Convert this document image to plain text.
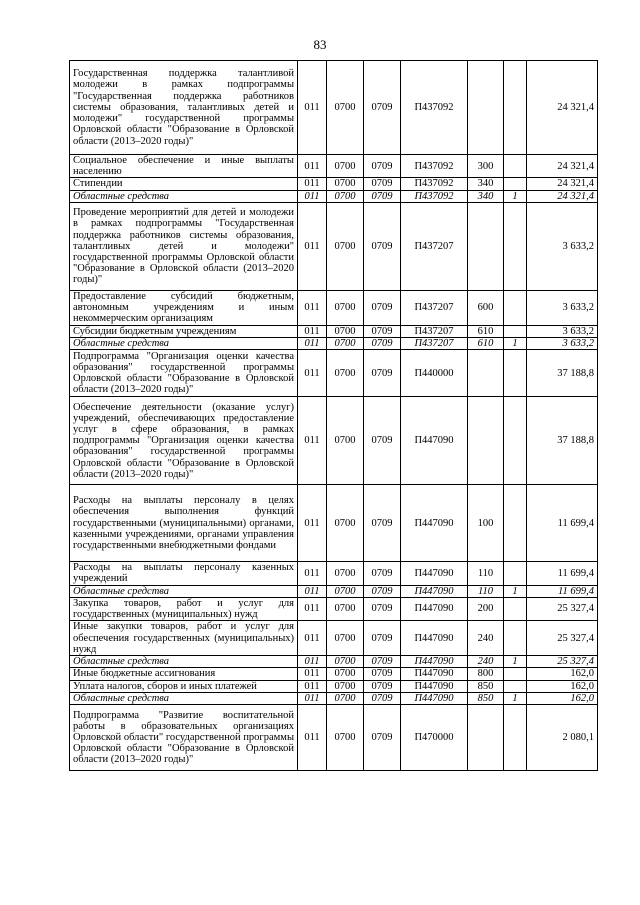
83
Государственная поддержка талантливой молодежи в рамках подпрограммы "Государственная поддержка работников системы образования, талантливых детей и молодежи" государственной программы Орловской области "Образование в Орловской области (2013–2020 годы)"	011	0700	0709	П437092			24 321,4
Социальное обеспечение и иные выплаты населению	011	0700	0709	П437092	300		24 321,4
Стипендии	011	0700	0709	П437092	340		24 321,4
Областные средства	011	0700	0709	П437092	340	1	24 321,4
Проведение мероприятий для детей и молодежи в рамках подпрограммы "Государственная поддержка работников системы образования, талантливых детей и молодежи" государственной программы Орловской области "Образование в Орловской области (2013–2020 годы)"	011	0700	0709	П437207			3 633,2
Предоставление субсидий бюджетным, автономным учреждениям и иным некоммерческим организациям	011	0700	0709	П437207	600		3 633,2
Субсидии бюджетным учреждениям	011	0700	0709	П437207	610		3 633,2
Областные средства	011	0700	0709	П437207	610	1	3 633,2
Подпрограмма "Организация оценки качества образования" государственной программы Орловской области "Образование в Орловской области (2013–2020 годы)"	011	0700	0709	П440000			37 188,8
Обеспечение деятельности (оказание услуг) учреждений, обеспечивающих предоставление услуг в сфере образования, в рамках подпрограммы "Организация оценки качества образования" государственной программы Орловской области "Образование в Орловской области (2013–2020 годы)"	011	0700	0709	П447090			37 188,8
Расходы на выплаты персоналу в целях обеспечения выполнения функций государственными (муниципальными) органами, казенными учреждениями, органами управления государственными внебюджетными фондами	011	0700	0709	П447090	100		11 699,4
Расходы на выплаты персоналу казенных учреждений	011	0700	0709	П447090	110		11 699,4
Областные средства	011	0700	0709	П447090	110	1	11 699,4
Закупка товаров, работ и услуг для государственных (муниципальных) нужд	011	0700	0709	П447090	200		25 327,4
Иные закупки товаров, работ и услуг для обеспечения государственных (муниципальных) нужд	011	0700	0709	П447090	240		25 327,4
Областные средства	011	0700	0709	П447090	240	1	25 327,4
Иные бюджетные ассигнования	011	0700	0709	П447090	800		162,0
Уплата налогов, сборов и иных платежей	011	0700	0709	П447090	850		162,0
Областные средства	011	0700	0709	П447090	850	1	162,0
Подпрограмма "Развитие воспитательной работы в образовательных организациях Орловской области" государственной программы Орловской области "Образование в Орловской области (2013–2020 годы)"	011	0700	0709	П470000			2 080,1
